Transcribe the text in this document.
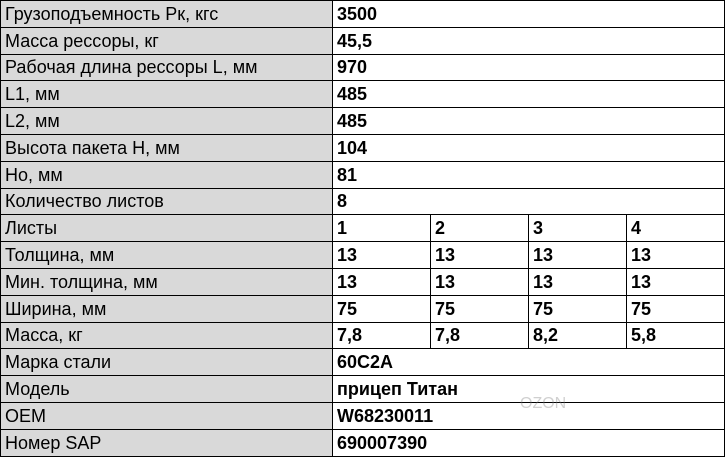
Грузоподъемность Рк, кгс	3500			
Масса рессоры, кг	45,5			
Рабочая длина рессоры L, мм	970			
L1, мм	485			
L2, мм	485			
Высота пакета H, мм	104			
Ho, мм	81			
Количество листов	8			
Листы	1	2	3	4
Толщина, мм	13	13	13	13
Мин. толщина, мм	13	13	13	13
Ширина, мм	75	75	75	75
Масса, кг	7,8	7,8	8,2	5,8
Марка стали	60С2А			
Модель	прицеп Титан			
OEM	W68230011			
Номер SAP	690007390			
OZON
